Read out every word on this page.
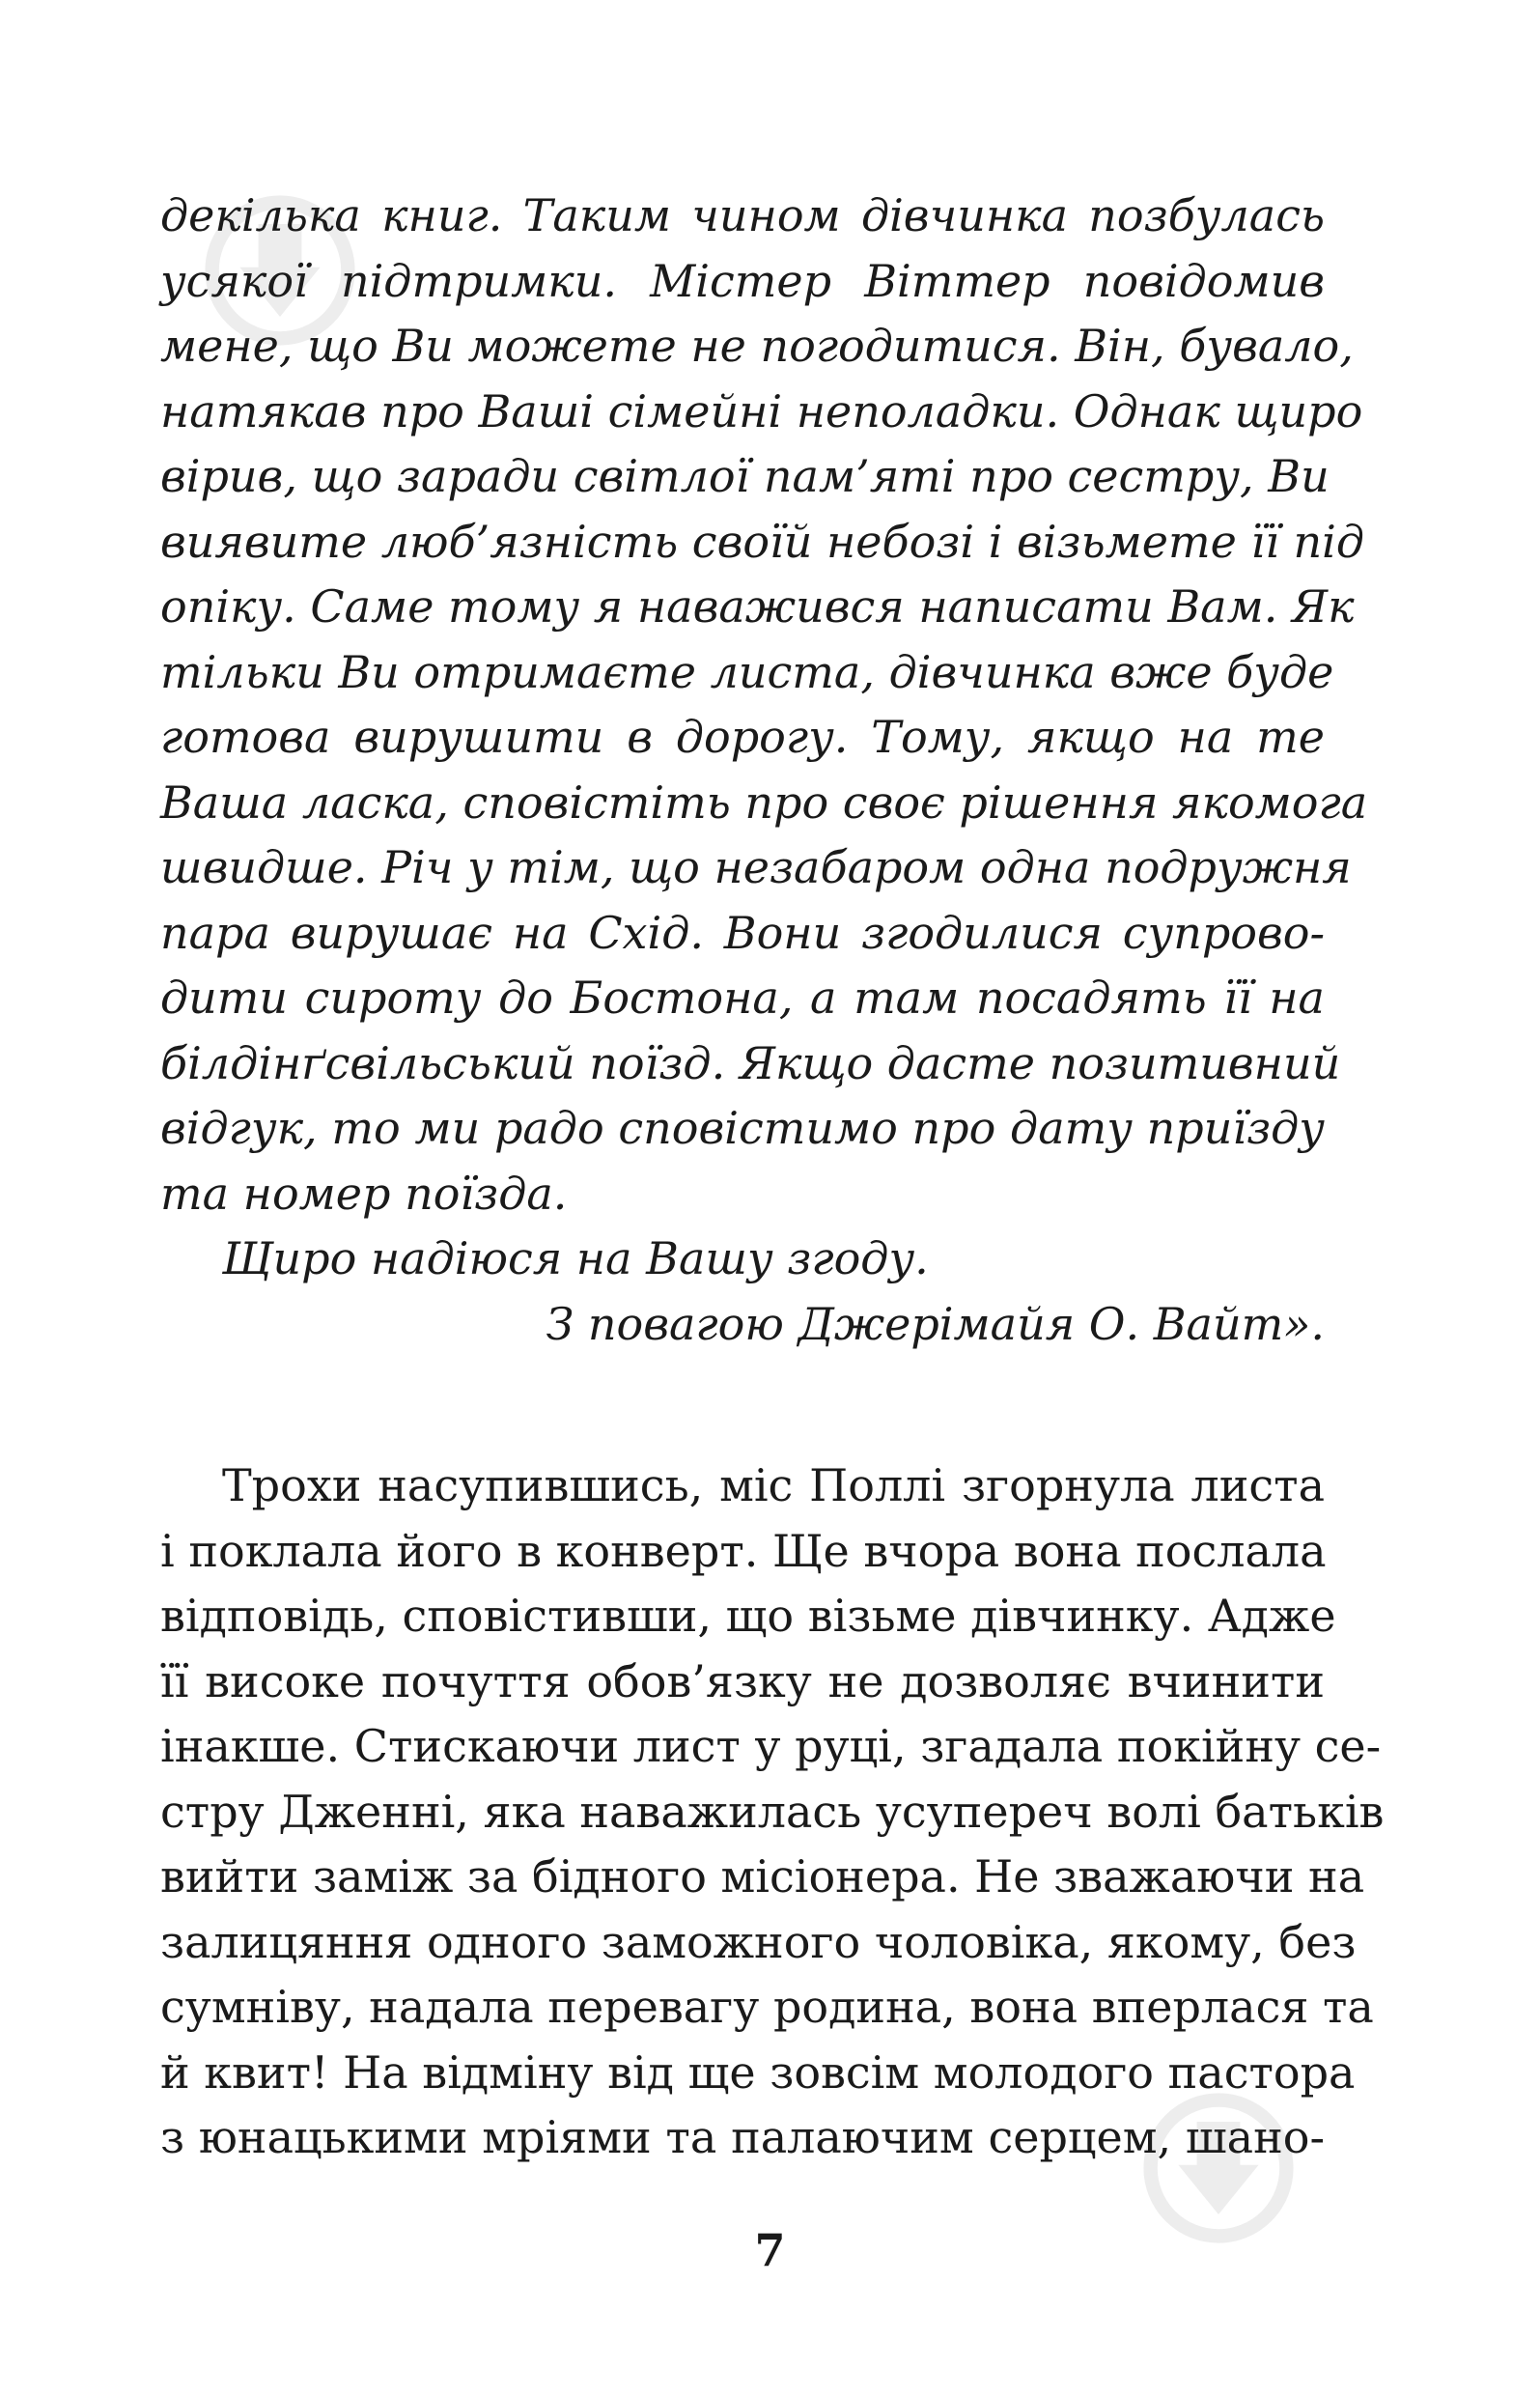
декілька книг. Таким чином дівчинка позбулась
усякої підтримки. Містер Віттер повідомив
мене, що Ви можете не погодитися. Він, бувало,
натякав про Ваші сімейні неполадки. Однак щиро
вірив, що заради світлої пам’яті про сестру, Ви
виявите люб’язність своїй небозі і візьмете її під
опіку. Саме тому я наважився написати Вам. Як
тільки Ви отримаєте листа, дівчинка вже буде
готова вирушити в дорогу. Тому, якщо на те
Ваша ласка, сповістіть про своє рішення якомога
швидше. Річ у тім, що незабаром одна подружня
пара вирушає на Схід. Вони згодилися супрово-
дити сироту до Бостона, а там посадять її на
білдінґсвільський поїзд. Якщо дасте позитивний
відгук, то ми радо сповістимо про дату приїзду
та номер поїзда.
Щиро надіюся на Вашу згоду.
З повагою Джерімайя О. Вайт».
Трохи насупившись, міс Поллі згорнула листа
і поклала його в конверт. Ще вчора вона послала
відповідь, сповістивши, що візьме дівчинку. Адже
її високе почуття обов’язку не дозволяє вчинити
інакше. Стискаючи лист у руці, згадала покійну се-
стру Дженні, яка наважилась усупереч волі батьків
вийти заміж за бідного місіонера. Не зважаючи на
залицяння одного заможного чоловіка, якому, без
сумніву, надала перевагу родина, вона вперлася та
й квит! На відміну від ще зовсім молодого пастора
з юнацькими мріями та палаючим серцем, шано-
7
